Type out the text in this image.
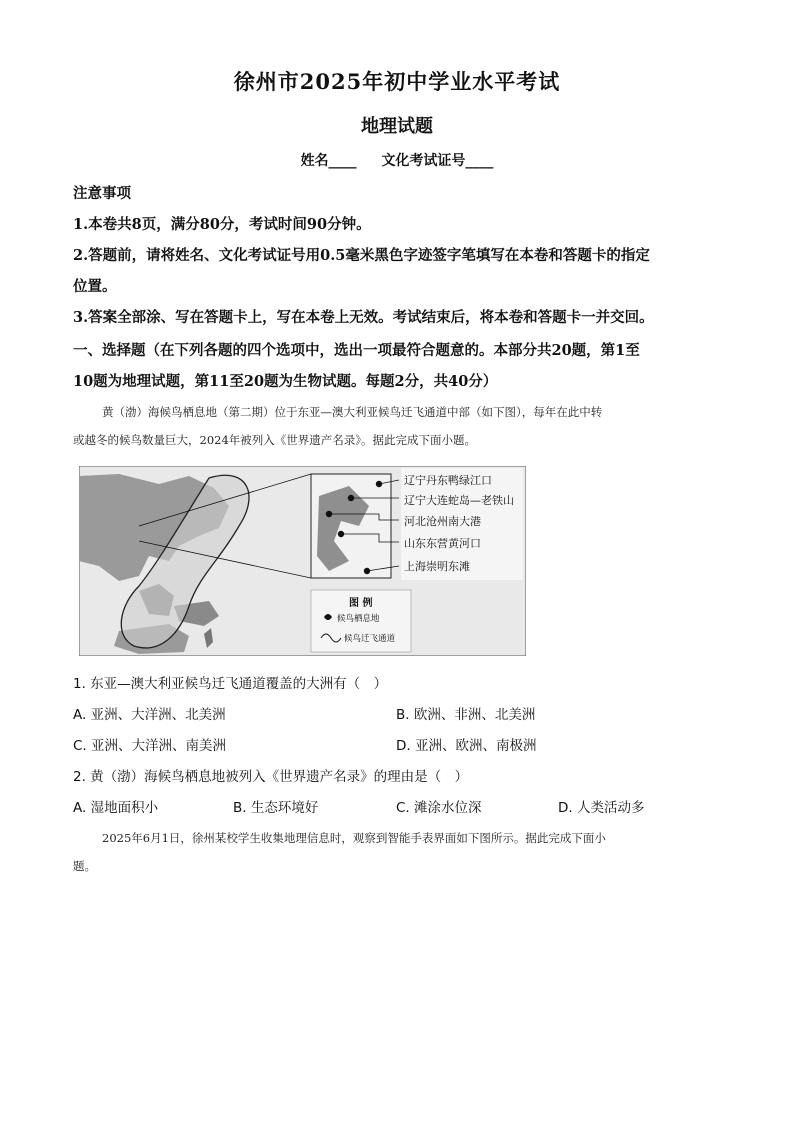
徐州市2025年初中学业水平考试
地理试题
姓名____ 文化考试证号____
注意事项
1.本卷共8页，满分80分，考试时间90分钟。
2.答题前，请将姓名、文化考试证号用0.5毫米黑色字迹签字笔填写在本卷和答题卡的指定
位置。
3.答案全部涂、写在答题卡上，写在本卷上无效。考试结束后，将本卷和答题卡一并交回。
一、选择题（在下列各题的四个选项中，选出一项最符合题意的。本部分共20题，第1至
10题为地理试题，第11至20题为生物试题。每题2分，共40分）
黄（渤）海候鸟栖息地（第二期）位于东亚—澳大利亚候鸟迁飞通道中部（如下图），每年在此中转
或越冬的候鸟数量巨大，2024年被列入《世界遗产名录》。据此完成下面小题。
辽宁丹东鸭绿江口
辽宁大连蛇岛—老铁山
河北沧州南大港
山东东营黄河口
上海崇明东滩
图 例
候鸟栖息地
候鸟迁飞通道
1. 东亚—澳大利亚候鸟迁飞通道覆盖的大洲有（　）
A. 亚洲、大洋洲、北美洲	B. 欧洲、非洲、北美洲
C. 亚洲、大洋洲、南美洲	D. 亚洲、欧洲、南极洲
2. 黄（渤）海候鸟栖息地被列入《世界遗产名录》的理由是（　）
A. 湿地面积小	B. 生态环境好	C. 滩涂水位深	D. 人类活动多
2025年6月1日，徐州某校学生收集地理信息时，观察到智能手表界面如下图所示。据此完成下面小
题。
